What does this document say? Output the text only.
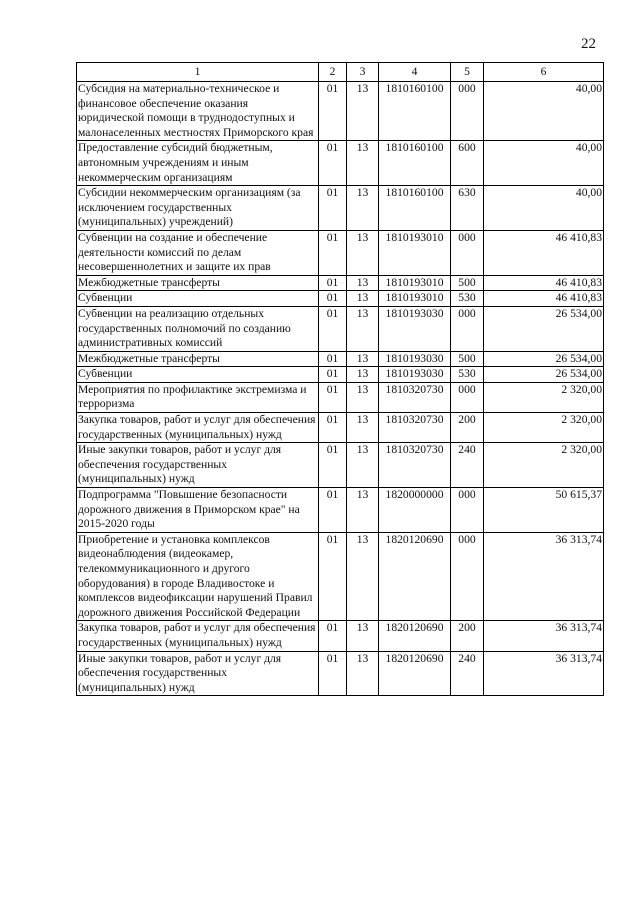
22
1	2	3	4	5	6
Субсидия на материально-техническое и финансовое обеспечение оказания юридической помощи в труднодоступных и малонаселенных местностях Приморского края	01	13	1810160100	000	40,00
Предоставление субсидий бюджетным, автономным учреждениям и иным некоммерческим организациям	01	13	1810160100	600	40,00
Субсидии некоммерческим организациям (за исключением государственных (муниципальных) учреждений)	01	13	1810160100	630	40,00
Субвенции на создание и обеспечение деятельности комиссий по делам несовершеннолетних и защите их прав	01	13	1810193010	000	46 410,83
Межбюджетные трансферты	01	13	1810193010	500	46 410,83
Субвенции	01	13	1810193010	530	46 410,83
Субвенции на реализацию отдельных государственных полномочий по созданию административных комиссий	01	13	1810193030	000	26 534,00
Межбюджетные трансферты	01	13	1810193030	500	26 534,00
Субвенции	01	13	1810193030	530	26 534,00
Мероприятия по профилактике экстремизма и терроризма	01	13	1810320730	000	2 320,00
Закупка товаров, работ и услуг для обеспечения государственных (муниципальных) нужд	01	13	1810320730	200	2 320,00
Иные закупки товаров, работ и услуг для обеспечения государственных (муниципальных) нужд	01	13	1810320730	240	2 320,00
Подпрограмма "Повышение безопасности дорожного движения в Приморском крае" на 2015-2020 годы	01	13	1820000000	000	50 615,37
Приобретение и установка комплексов видеонаблюдения (видеокамер, телекоммуникационного и другого оборудования) в городе Владивостоке и комплексов видеофиксации нарушений Правил дорожного движения Российской Федерации	01	13	1820120690	000	36 313,74
Закупка товаров, работ и услуг для обеспечения государственных (муниципальных) нужд	01	13	1820120690	200	36 313,74
Иные закупки товаров, работ и услуг для обеспечения государственных (муниципальных) нужд	01	13	1820120690	240	36 313,74
